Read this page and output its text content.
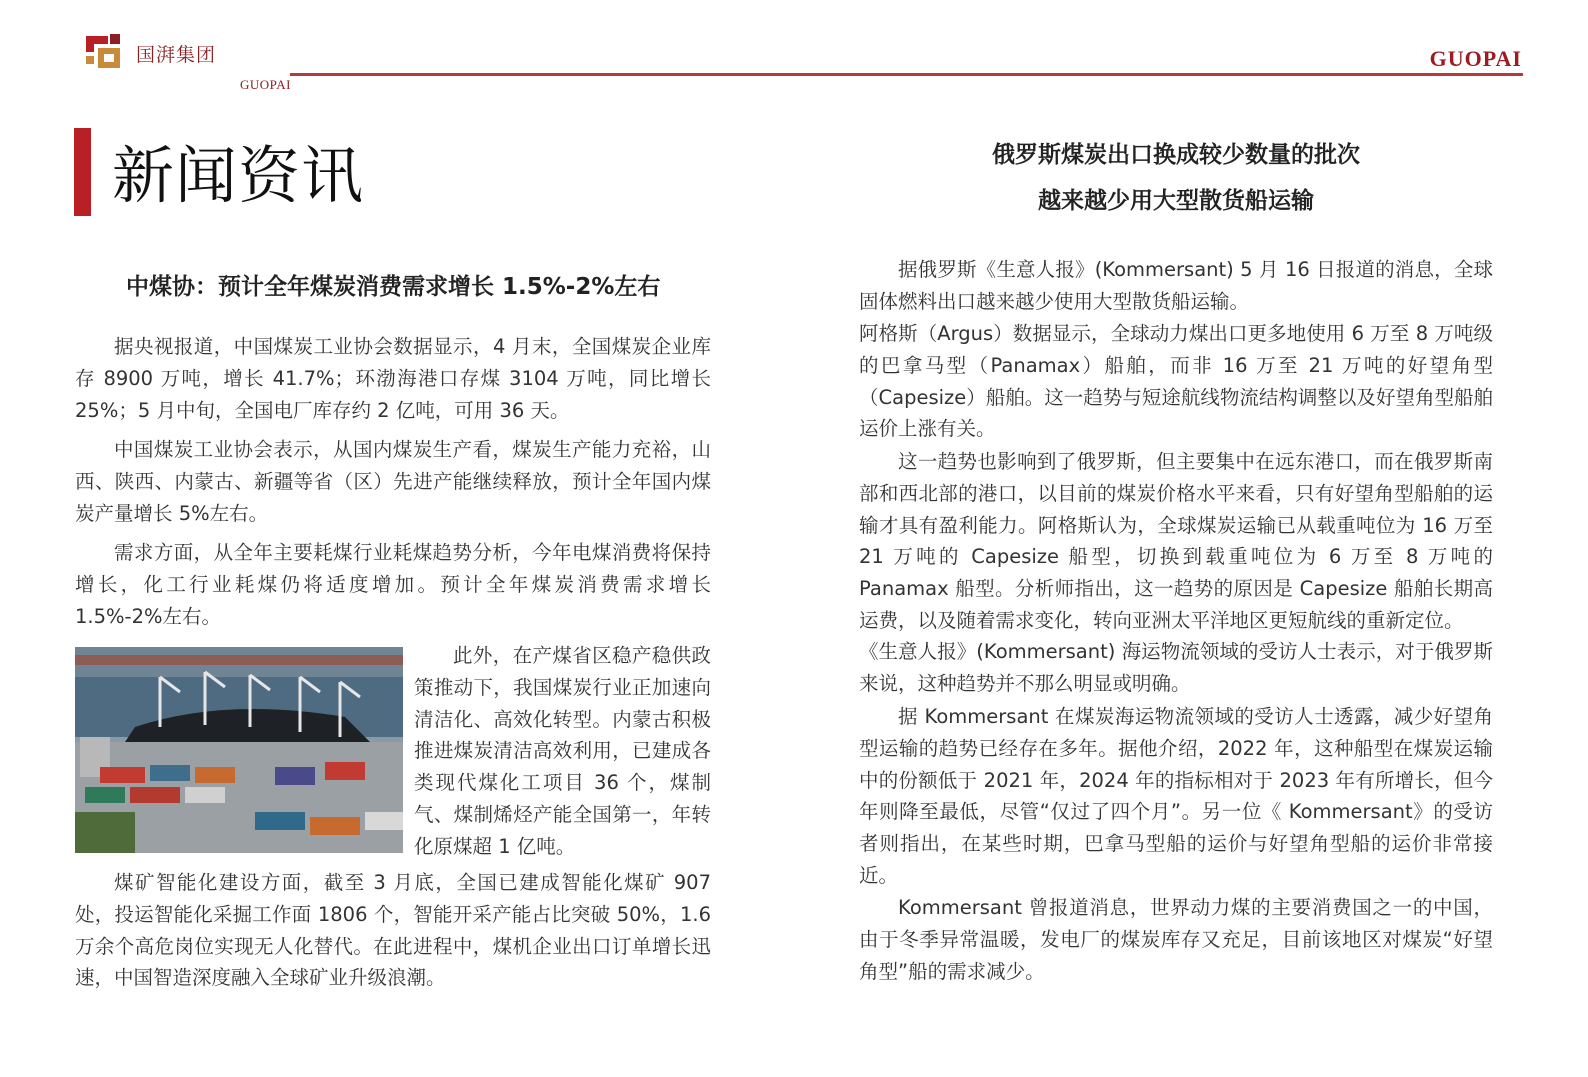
国湃集团
GUOPAI
GUOPAI
新闻资讯
中煤协：预计全年煤炭消费需求增长 1.5%-2%左右

据央视报道，中国煤炭工业协会数据显示，4 月末，全国煤炭企业库存 8900 万吨，增长 41.7%；环渤海港口存煤 3104 万吨，同比增长 25%；5 月中旬，全国电厂库存约 2 亿吨，可用 36 天。

中国煤炭工业协会表示，从国内煤炭生产看，煤炭生产能力充裕，山西、陕西、内蒙古、新疆等省（区）先进产能继续释放，预计全年国内煤炭产量增长 5%左右。

需求方面，从全年主要耗煤行业耗煤趋势分析，今年电煤消费将保持增长，化工行业耗煤仍将适度增加。预计全年煤炭消费需求增长 1.5%-2%左右。

此外，在产煤省区稳产稳供政策推动下，我国煤炭行业正加速向清洁化、高效化转型。内蒙古积极推进煤炭清洁高效利用，已建成各类现代煤化工项目 36 个，煤制气、煤制烯烃产能全国第一，年转化原煤超 1 亿吨。

煤矿智能化建设方面，截至 3 月底，全国已建成智能化煤矿 907 处，投运智能化采掘工作面 1806 个，智能开采产能占比突破 50%，1.6 万余个高危岗位实现无人化替代。在此进程中，煤机企业出口订单增长迅速，中国智造深度融入全球矿业升级浪潮。

俄罗斯煤炭出口换成较少数量的批次
越来越少用大型散货船运输

据俄罗斯《生意人报》(Kommersant) 5 月 16 日报道的消息，全球固体燃料出口越来越少使用大型散货船运输。

阿格斯（Argus）数据显示，全球动力煤出口更多地使用 6 万至 8 万吨级的巴拿马型（Panamax）船舶，而非 16 万至 21 万吨的好望角型（Capesize）船舶。这一趋势与短途航线物流结构调整以及好望角型船舶运价上涨有关。

这一趋势也影响到了俄罗斯，但主要集中在远东港口，而在俄罗斯南部和西北部的港口，以目前的煤炭价格水平来看，只有好望角型船舶的运输才具有盈利能力。阿格斯认为，全球煤炭运输已从载重吨位为 16 万至 21 万吨的 Capesize 船型，切换到载重吨位为 6 万至 8 万吨的 Panamax 船型。分析师指出，这一趋势的原因是 Capesize 船舶长期高运费，以及随着需求变化，转向亚洲太平洋地区更短航线的重新定位。

《生意人报》(Kommersant) 海运物流领域的受访人士表示，对于俄罗斯来说，这种趋势并不那么明显或明确。

据 Kommersant 在煤炭海运物流领域的受访人士透露，减少好望角型运输的趋势已经存在多年。据他介绍，2022 年，这种船型在煤炭运输中的份额低于 2021 年，2024 年的指标相对于 2023 年有所增长，但今年则降至最低，尽管“仅过了四个月”。另一位《 Kommersant》的受访者则指出，在某些时期，巴拿马型船的运价与好望角型船的运价非常接近。

Kommersant 曾报道消息，世界动力煤的主要消费国之一的中国，由于冬季异常温暖，发电厂的煤炭库存又充足，目前该地区对煤炭“好望角型”船的需求减少。
